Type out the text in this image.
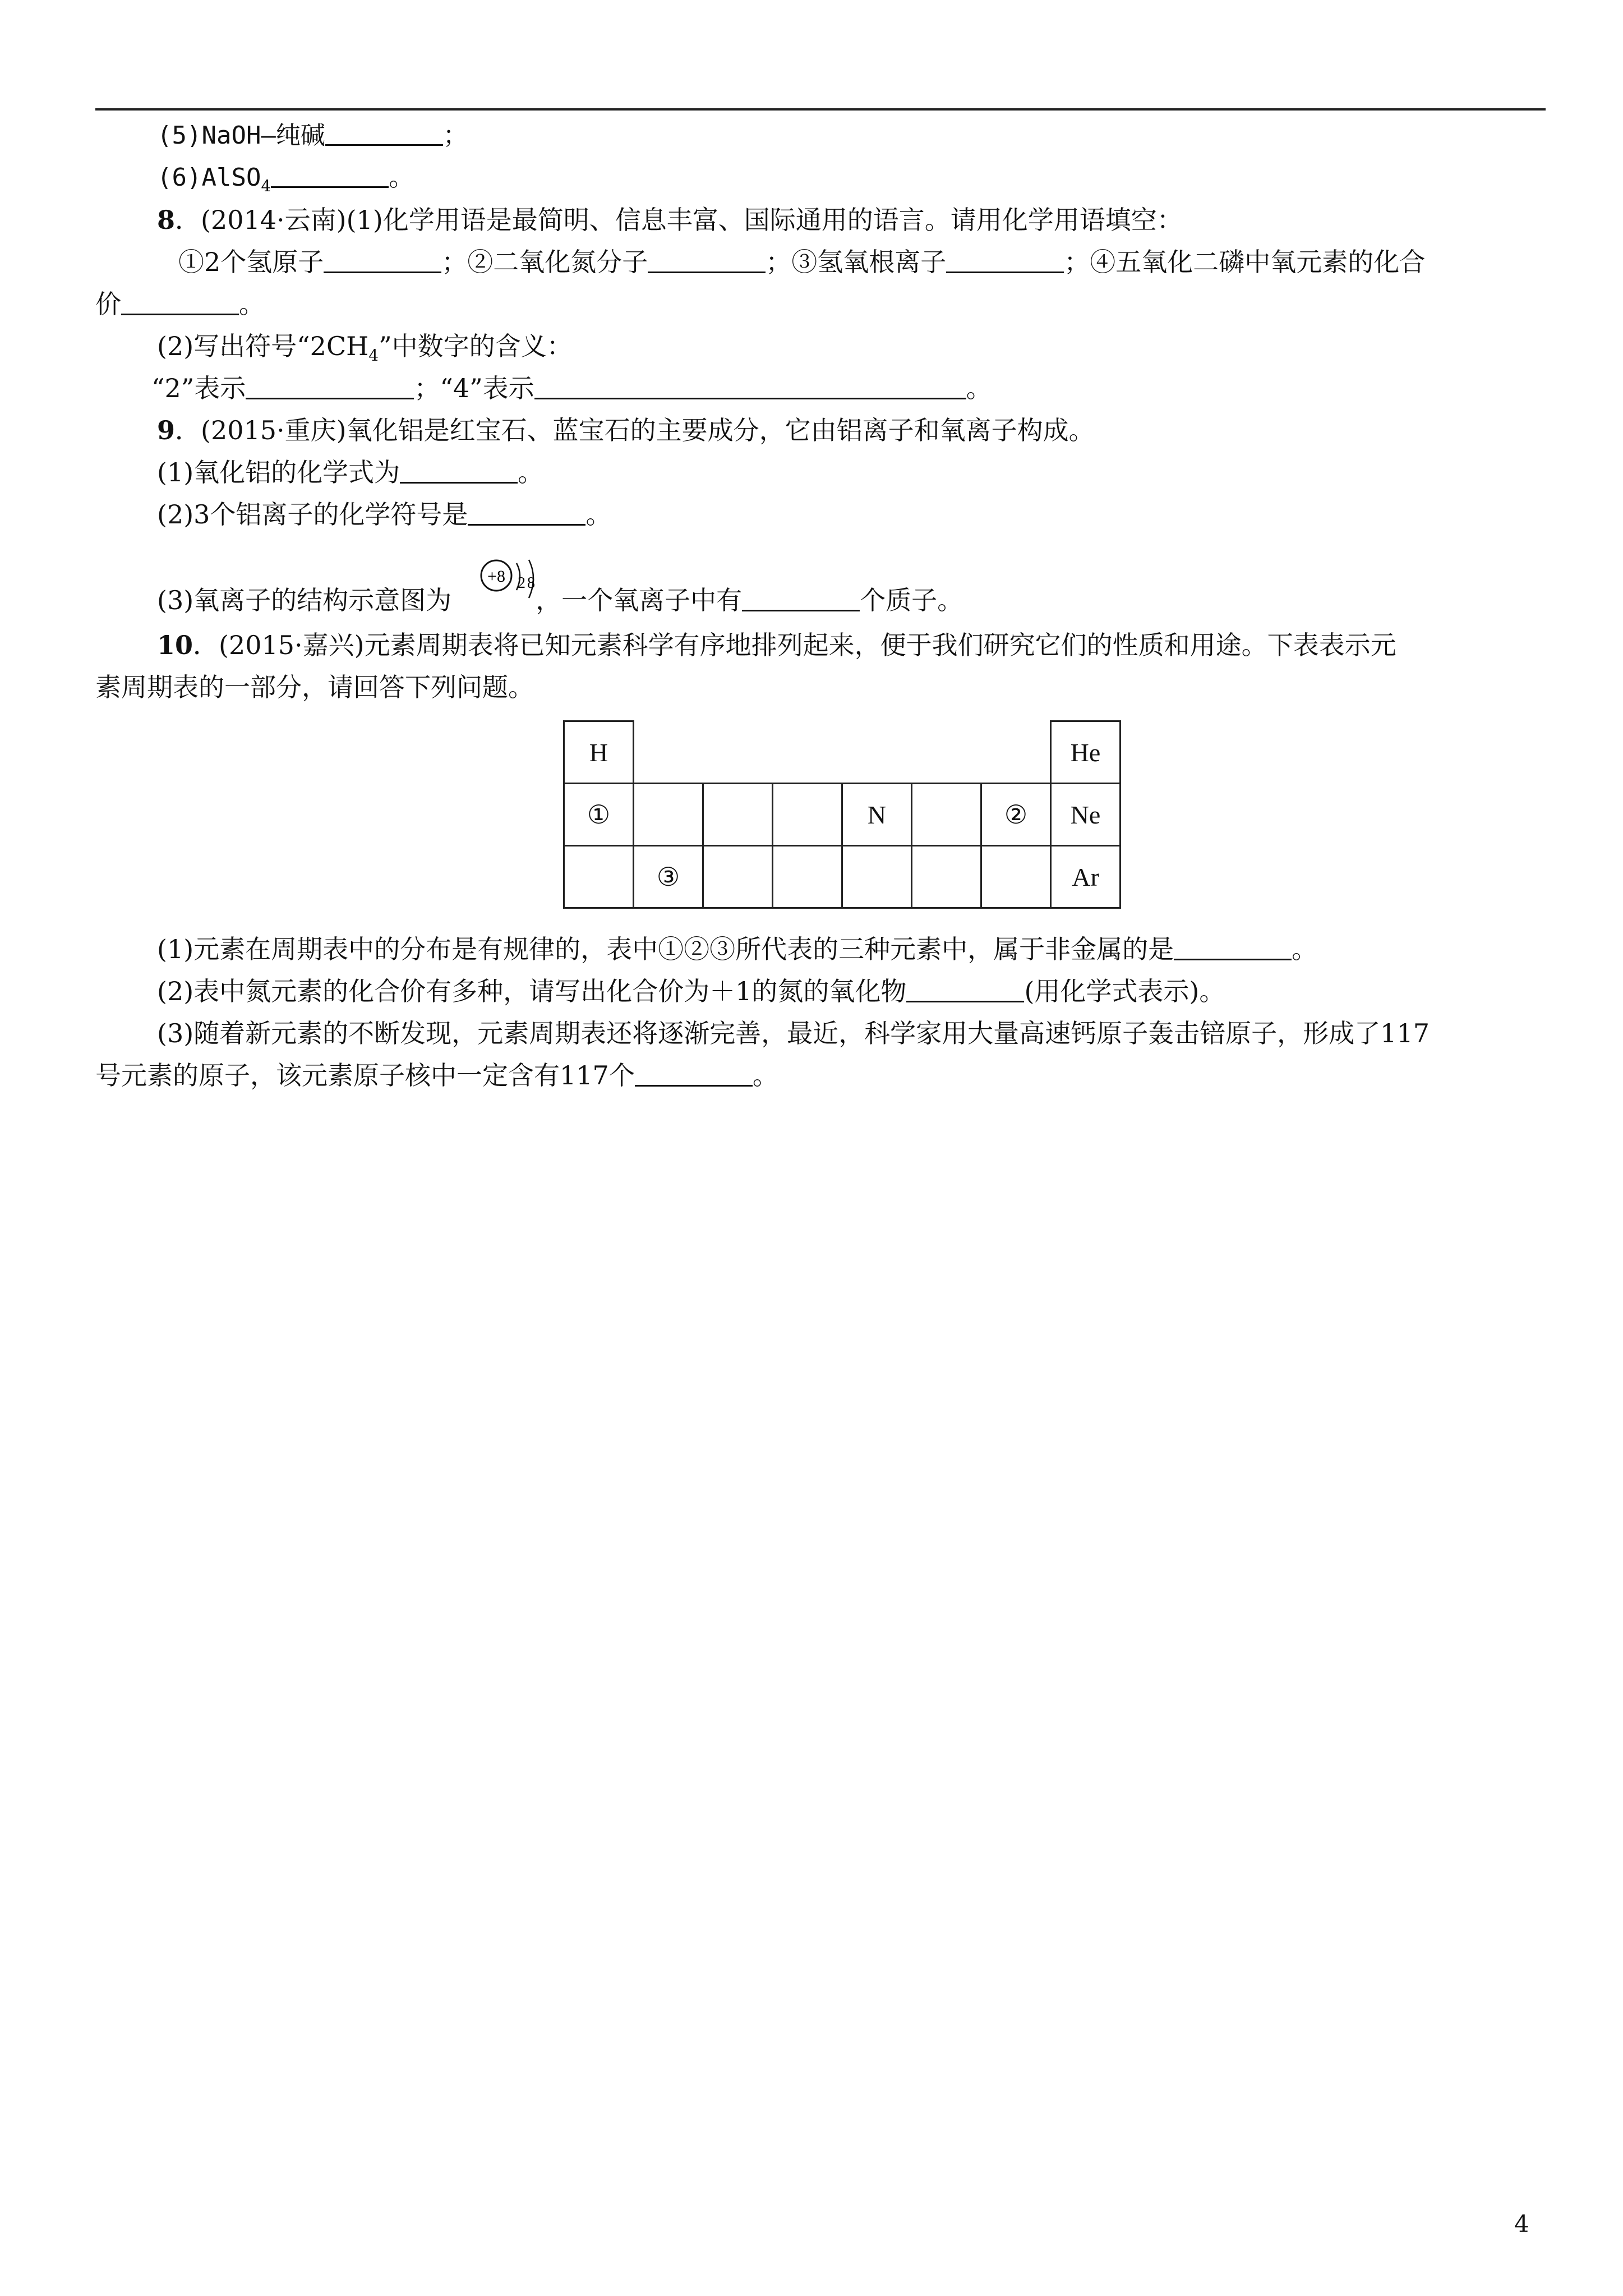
(5)NaOH—纯碱	；
(6)AlSO$_4$	。
8．(2014·云南)(1)化学用语是最简明、信息丰富、国际通用的语言。请用化学用语填空：
①2个氢原子	；②二氧化氮分子	；③氢氧根离子	；④五氧化二磷中氧元素的化合
价	。
(2)写出符号“$2CH_4$”中数字的含义：
“2”表示	；“4”表示	。
9．(2015·重庆)氧化铝是红宝石、蓝宝石的主要成分，它由铝离子和氧离子构成。
(1)氧化铝的化学式为	。
(2)3个铝离子的化学符号是	。
+8 2 8
(3)氧离子的结构示意图为	，一个氧离子中有	个质子。
10．(2015·嘉兴)元素周期表将已知元素科学有序地排列起来，便于我们研究它们的性质和用途。下表表示元
素周期表的一部分，请回答下列问题。
H							He
①				N		②	Ne
	③						Ar
(1)元素在周期表中的分布是有规律的，表中①②③所代表的三种元素中，属于非金属的是	。
(2)表中氮元素的化合价有多种，请写出化合价为＋1的氮的氧化物	(用化学式表示)。
(3)随着新元素的不断发现，元素周期表还将逐渐完善，最近，科学家用大量高速钙原子轰击锫原子，形成了117
号元素的原子，该元素原子核中一定含有117个	。
4
